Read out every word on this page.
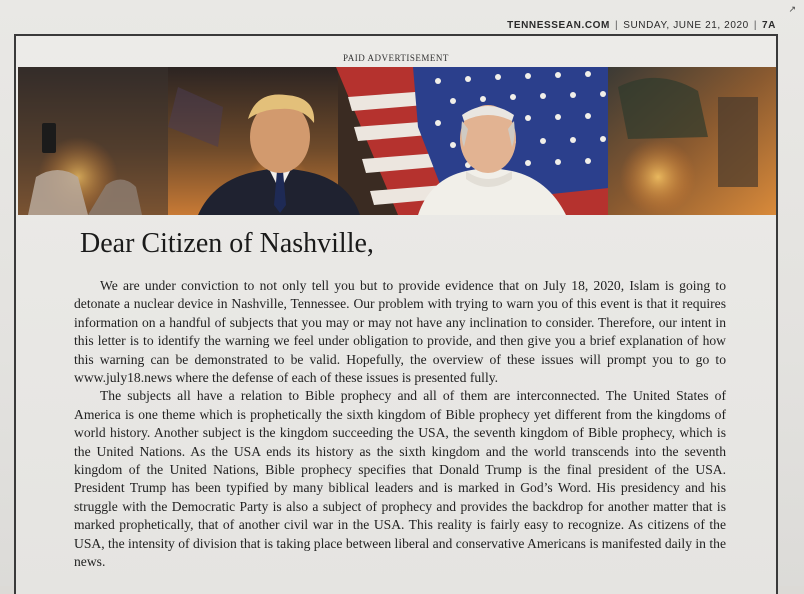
↗
TENNESSEAN.COM | SUNDAY, JUNE 21, 2020 | 7A
PAID ADVERTISEMENT
Dear Citizen of Nashville,

We are under conviction to not only tell you but to provide evidence that on July 18, 2020, Islam is going to detonate a nuclear device in Nashville, Tennessee. Our problem with trying to warn you of this event is that it requires information on a handful of subjects that you may or may not have any inclination to consider. Therefore, our intent in this letter is to identify the warning we feel under obligation to provide, and then give you a brief explanation of how this warning can be demonstrated to be valid. Hopefully, the overview of these issues will prompt you to go to www.july18.news where the defense of each of these issues is presented fully.

The subjects all have a relation to Bible prophecy and all of them are interconnected. The United States of America is one theme which is prophetically the sixth kingdom of Bible prophecy yet different from the kingdoms of world history. Another subject is the kingdom succeeding the USA, the seventh kingdom of Bible prophecy, which is the United Nations. As the USA ends its history as the sixth kingdom and the world transcends into the seventh kingdom of the United Nations, Bible prophecy specifies that Donald Trump is the final president of the USA. President Trump has been typified by many biblical leaders and is marked in God’s Word. His presidency and his struggle with the Democratic Party is also a subject of prophecy and provides the backdrop for another matter that is marked prophetically, that of another civil war in the USA. This reality is fairly easy to recognize. As citizens of the USA, the intensity of division that is taking place between liberal and conservative Americans is manifested daily in the news.
